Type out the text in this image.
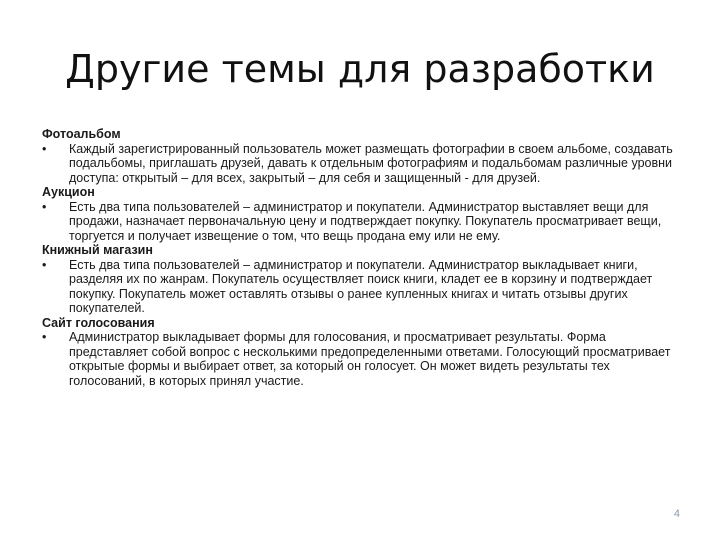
Другие темы для разработки
Фотоальбом
•	Каждый зарегистрированный пользователь может размещать фотографии в своем альбоме, создавать подальбомы, приглашать друзей, давать к отдельным фотографиям и подальбомам различные уровни доступа: открытый – для всех, закрытый – для себя и защищенный - для друзей.
Аукцион
•	Есть два типа пользователей – администратор и покупатели. Администратор выставляет вещи для продажи, назначает первоначальную цену и подтверждает покупку. Покупатель просматривает вещи, торгуется и получает извещение о том, что вещь продана ему или не ему.
Книжный магазин
•	Есть два типа пользователей – администратор и покупатели. Администратор выкладывает книги, разделяя их по жанрам. Покупатель осуществляет поиск книги, кладет ее в корзину и подтверждает покупку. Покупатель может оставлять отзывы о ранее купленных книгах и читать отзывы других покупателей.
Сайт голосования
•	Администратор выкладывает формы для голосования, и просматривает результаты. Форма представляет собой вопрос с несколькими предопределенными ответами. Голосующий просматривает открытые формы и выбирает ответ, за который он голосует. Он может видеть результаты тех голосований, в которых принял участие.
4
